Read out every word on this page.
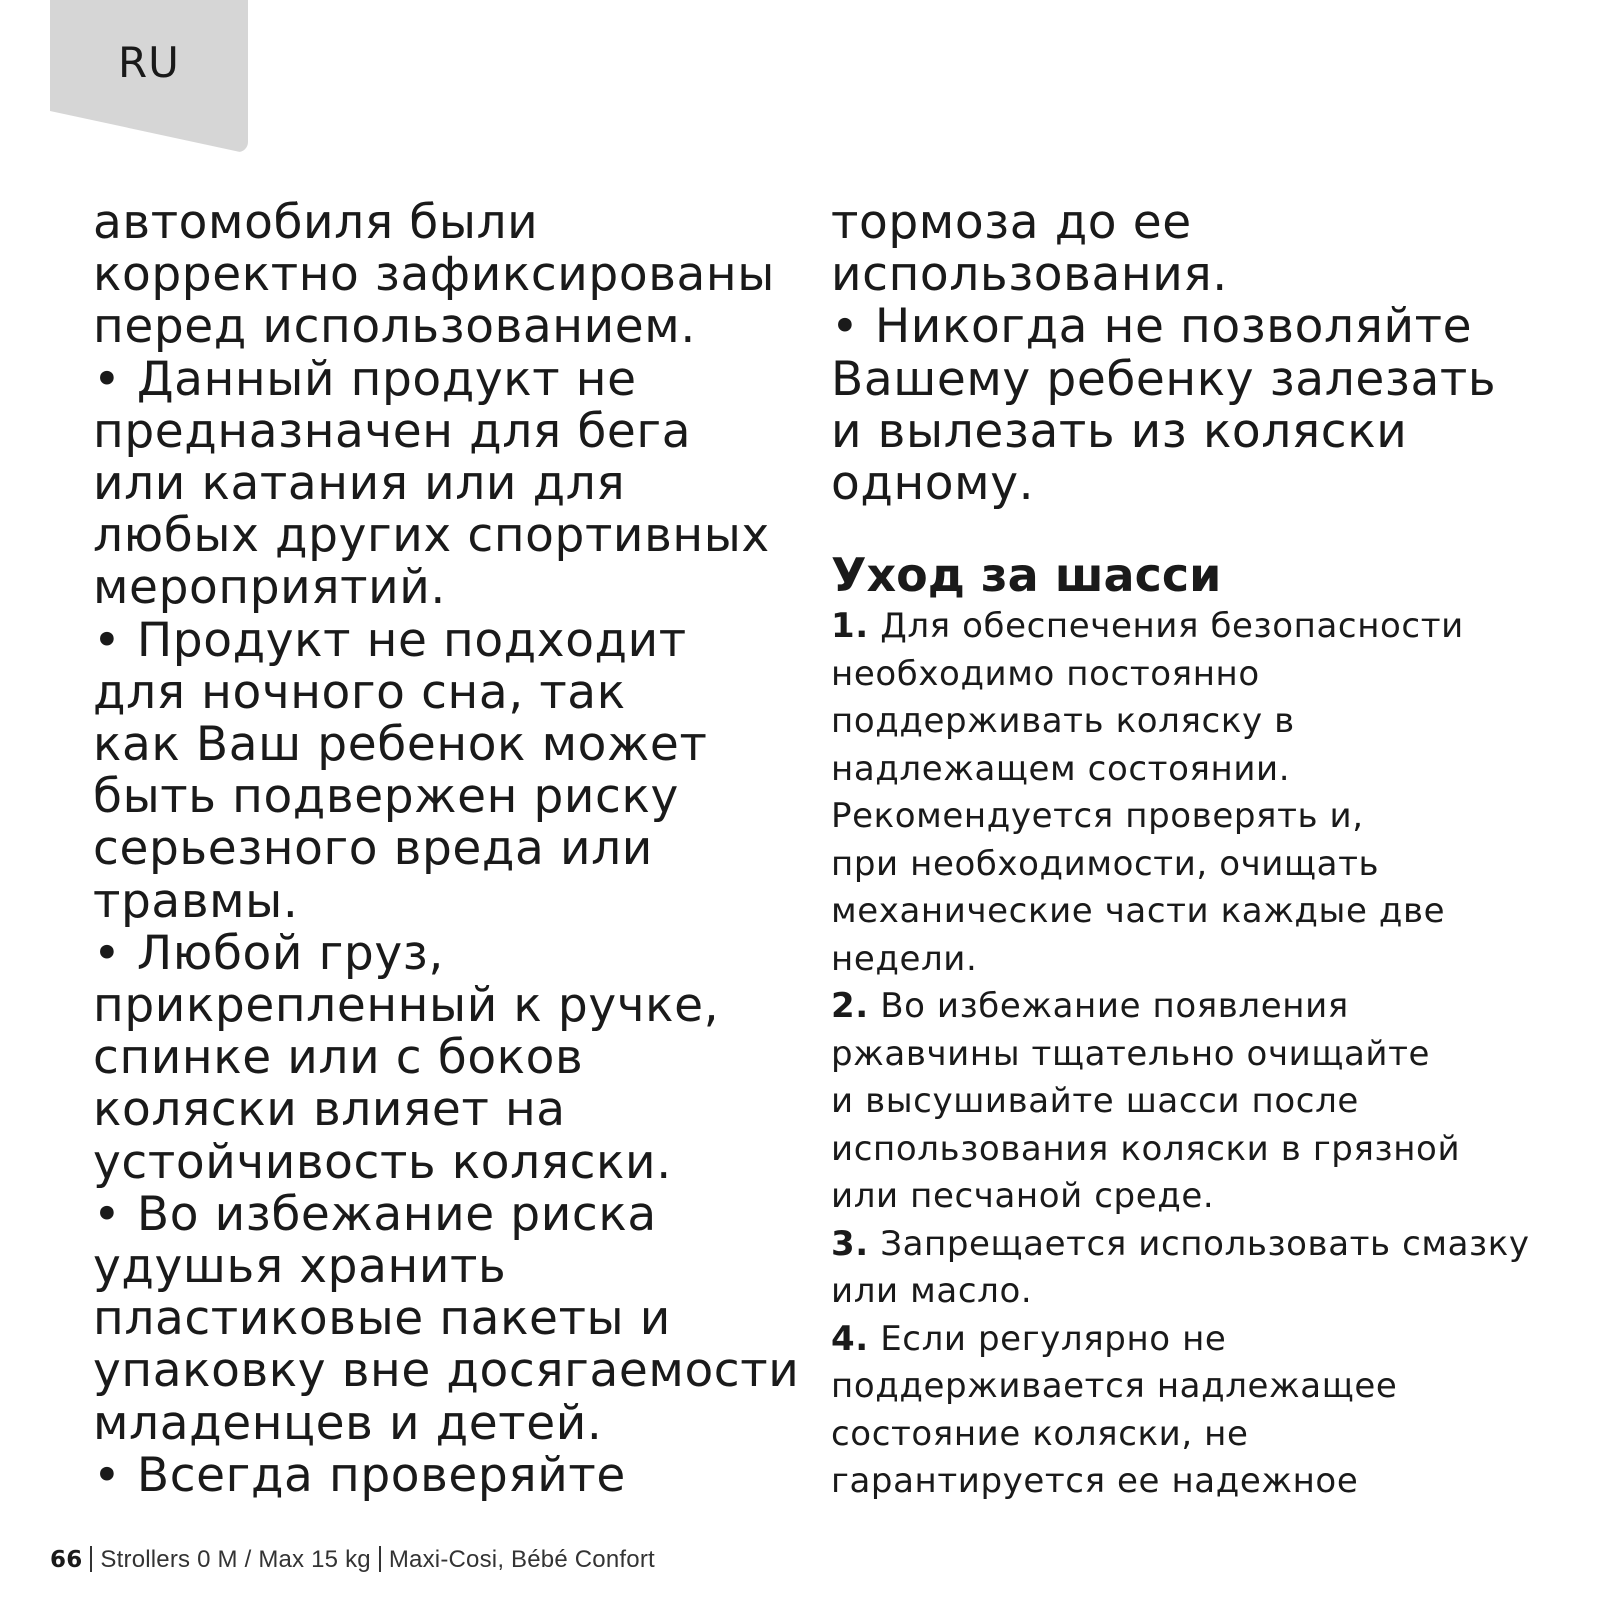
RU
автомобиля были
корректно зафиксированы
перед использованием.
• Данный продукт не
предназначен для бега
или катания или для
любых других спортивных
мероприятий.
• Продукт не подходит
для ночного сна, так
как Ваш ребенок может
быть подвержен риску
серьезного вреда или
травмы.
• Любой груз,
прикрепленный к ручке,
спинке или с боков
коляски влияет на
устойчивость коляски.
• Во избежание риска
удушья хранить
пластиковые пакеты и
упаковку вне досягаемости
младенцев и детей.
• Всегда проверяйте
тормоза до ее
использования.
• Никогда не позволяйте
Вашему ребенку залезать
и вылезать из коляски
одному.
Уход за шасси
1. Для обеспечения безопасности
необходимо постоянно
поддерживать коляску в
надлежащем состоянии.
Рекомендуется проверять и,
при необходимости, очищать
механические части каждые две
недели.
2. Во избежание появления
ржавчины тщательно очищайте
и высушивайте шасси после
использования коляски в грязной
или песчаной среде.
3. Запрещается использовать смазку
или масло.
4. Если регулярно не
поддерживается надлежащее
состояние коляски, не
гарантируется ее надежное
66 Strollers 0 M / Max 15 kg Maxi-Cosi, Bébé Confort
